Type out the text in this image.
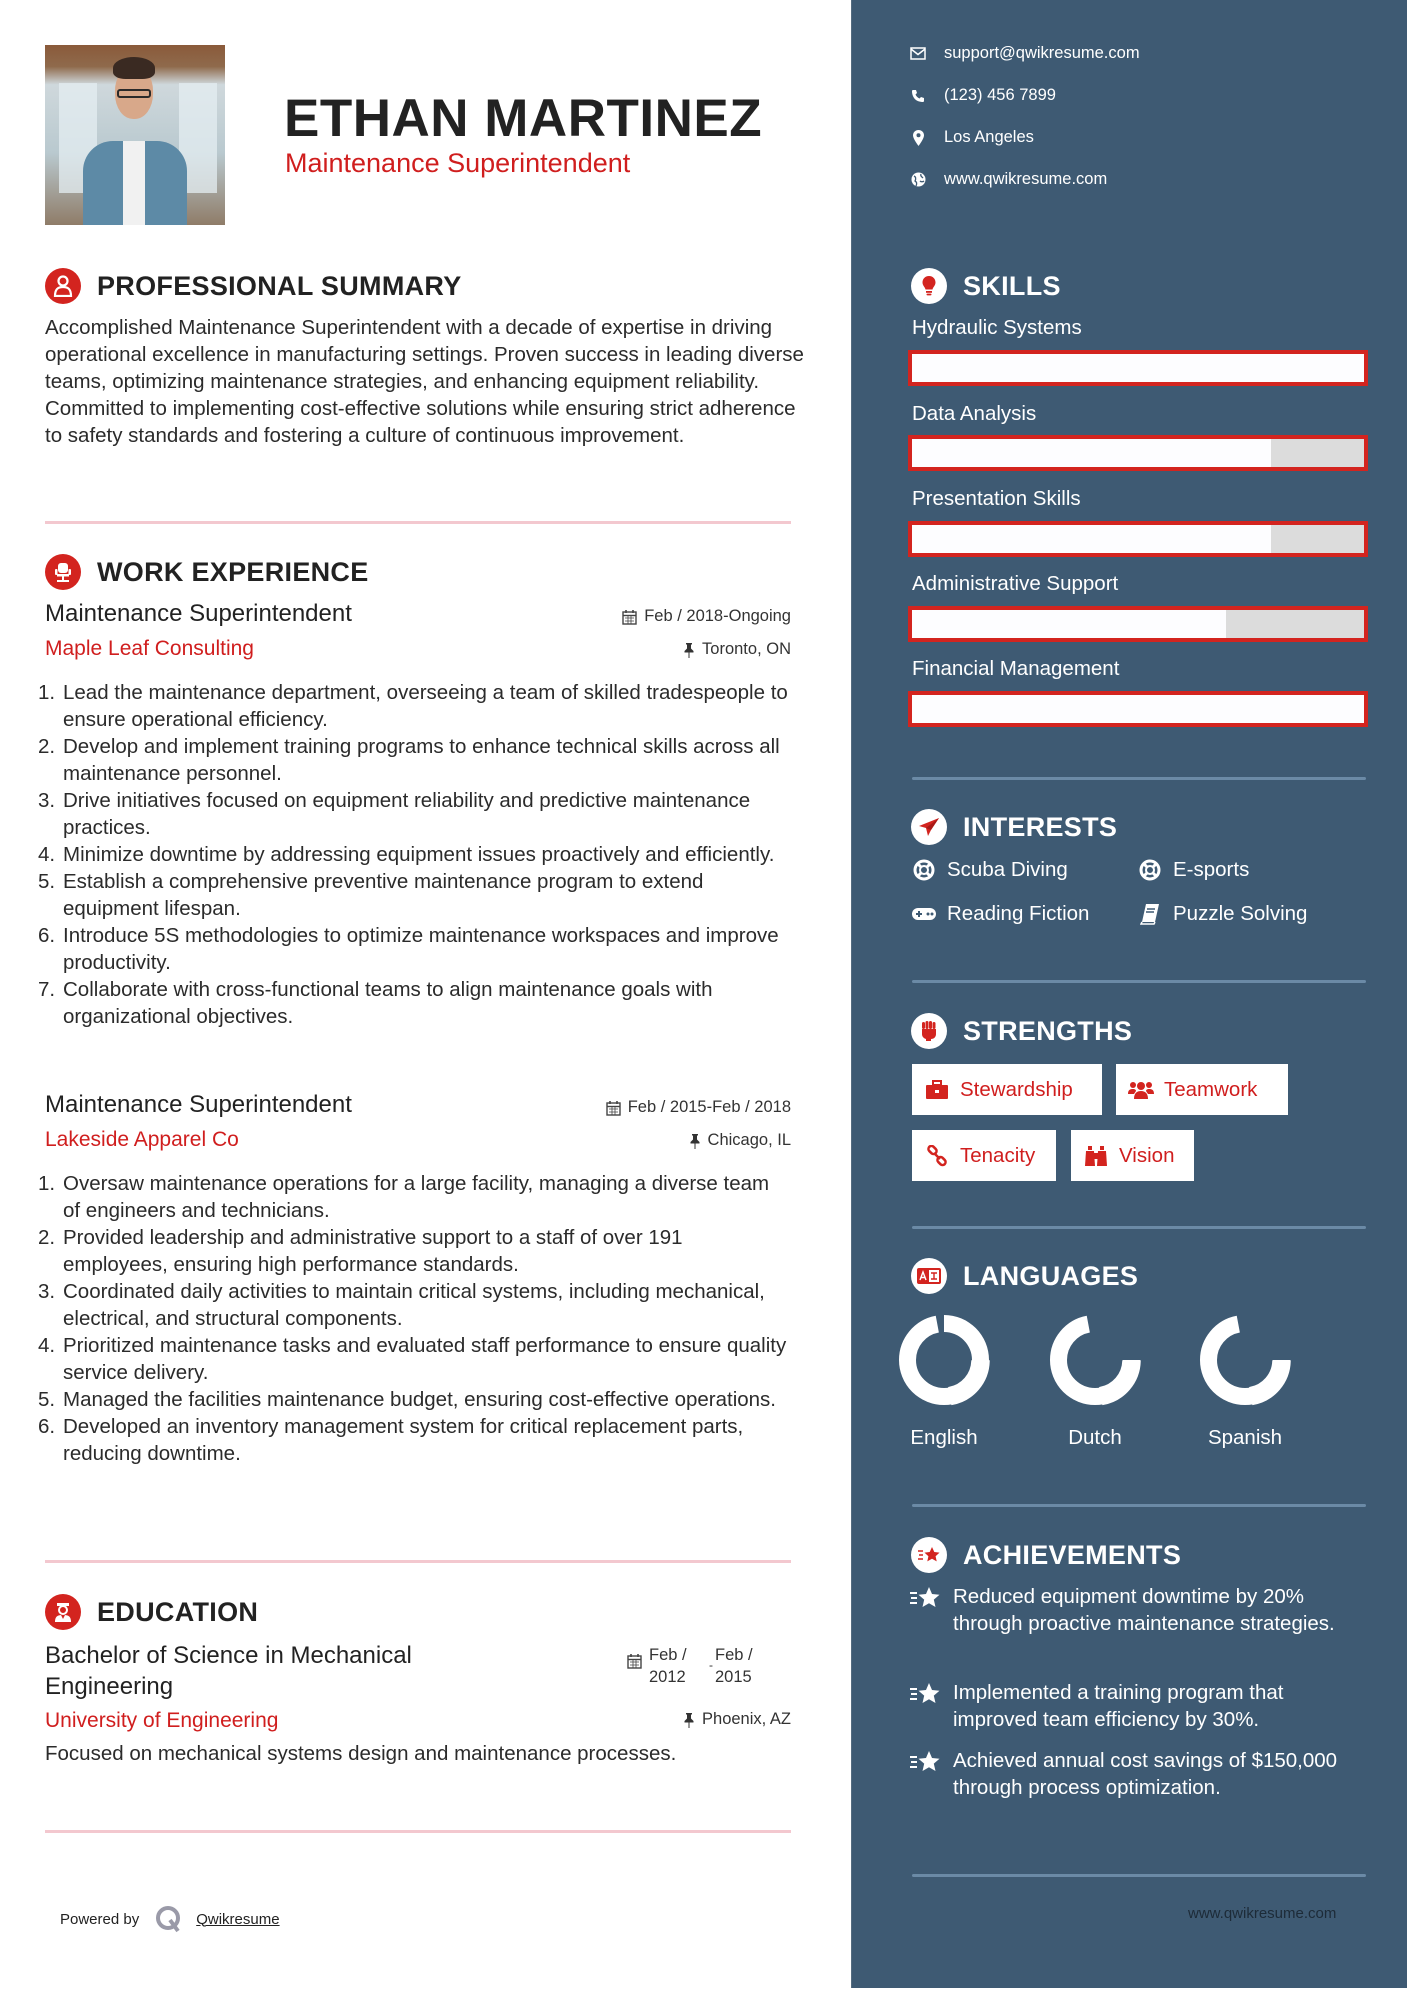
ETHAN MARTINEZ
Maintenance Superintendent
PROFESSIONAL SUMMARY

Accomplished Maintenance Superintendent with a decade of expertise in driving operational excellence in manufacturing settings. Proven success in leading diverse teams, optimizing maintenance strategies, and enhancing equipment reliability. Committed to implementing cost-effective solutions while ensuring strict adherence to safety standards and fostering a culture of continuous improvement.

WORK EXPERIENCE
Maintenance Superintendent
Maple Leaf Consulting
Feb / 2018-Ongoing
Toronto, ON
1. Lead the maintenance department, overseeing a team of skilled tradespeople to ensure operational efficiency.
2. Develop and implement training programs to enhance technical skills across all maintenance personnel.
3. Drive initiatives focused on equipment reliability and predictive maintenance practices.
4. Minimize downtime by addressing equipment issues proactively and efficiently.
5. Establish a comprehensive preventive maintenance program to extend equipment lifespan.
6. Introduce 5S methodologies to optimize maintenance workspaces and improve productivity.
7. Collaborate with cross-functional teams to align maintenance goals with organizational objectives.
Maintenance Superintendent
Lakeside Apparel Co
Feb / 2015-Feb / 2018
Chicago, IL
1. Oversaw maintenance operations for a large facility, managing a diverse team of engineers and technicians.
2. Provided leadership and administrative support to a staff of over 191 employees, ensuring high performance standards.
3. Coordinated daily activities to maintain critical systems, including mechanical, electrical, and structural components.
4. Prioritized maintenance tasks and evaluated staff performance to ensure quality service delivery.
5. Managed the facilities maintenance budget, ensuring cost-effective operations.
6. Developed an inventory management system for critical replacement parts, reducing downtime.
EDUCATION
Bachelor of Science in Mechanical Engineering
University of Engineering
Feb /
2012
-
Feb /
2015
Phoenix, AZ

Focused on mechanical systems design and maintenance processes.

Powered by	Qwikresume
support@qwikresume.com
(123) 456 7899
Los Angeles
www.qwikresume.com
SKILLS
Hydraulic Systems
Data Analysis
Presentation Skills
Administrative Support
Financial Management
INTERESTS
Scuba Diving	E-sports
Reading Fiction	Puzzle Solving
STRENGTHS
Stewardship	Teamwork
Tenacity	Vision
LANGUAGES
English	Dutch	Spanish
ACHIEVEMENTS
Reduced equipment downtime by 20% through proactive maintenance strategies.
Implemented a training program that improved team efficiency by 30%.
Achieved annual cost savings of $150,000 through process optimization.
www.qwikresume.com
